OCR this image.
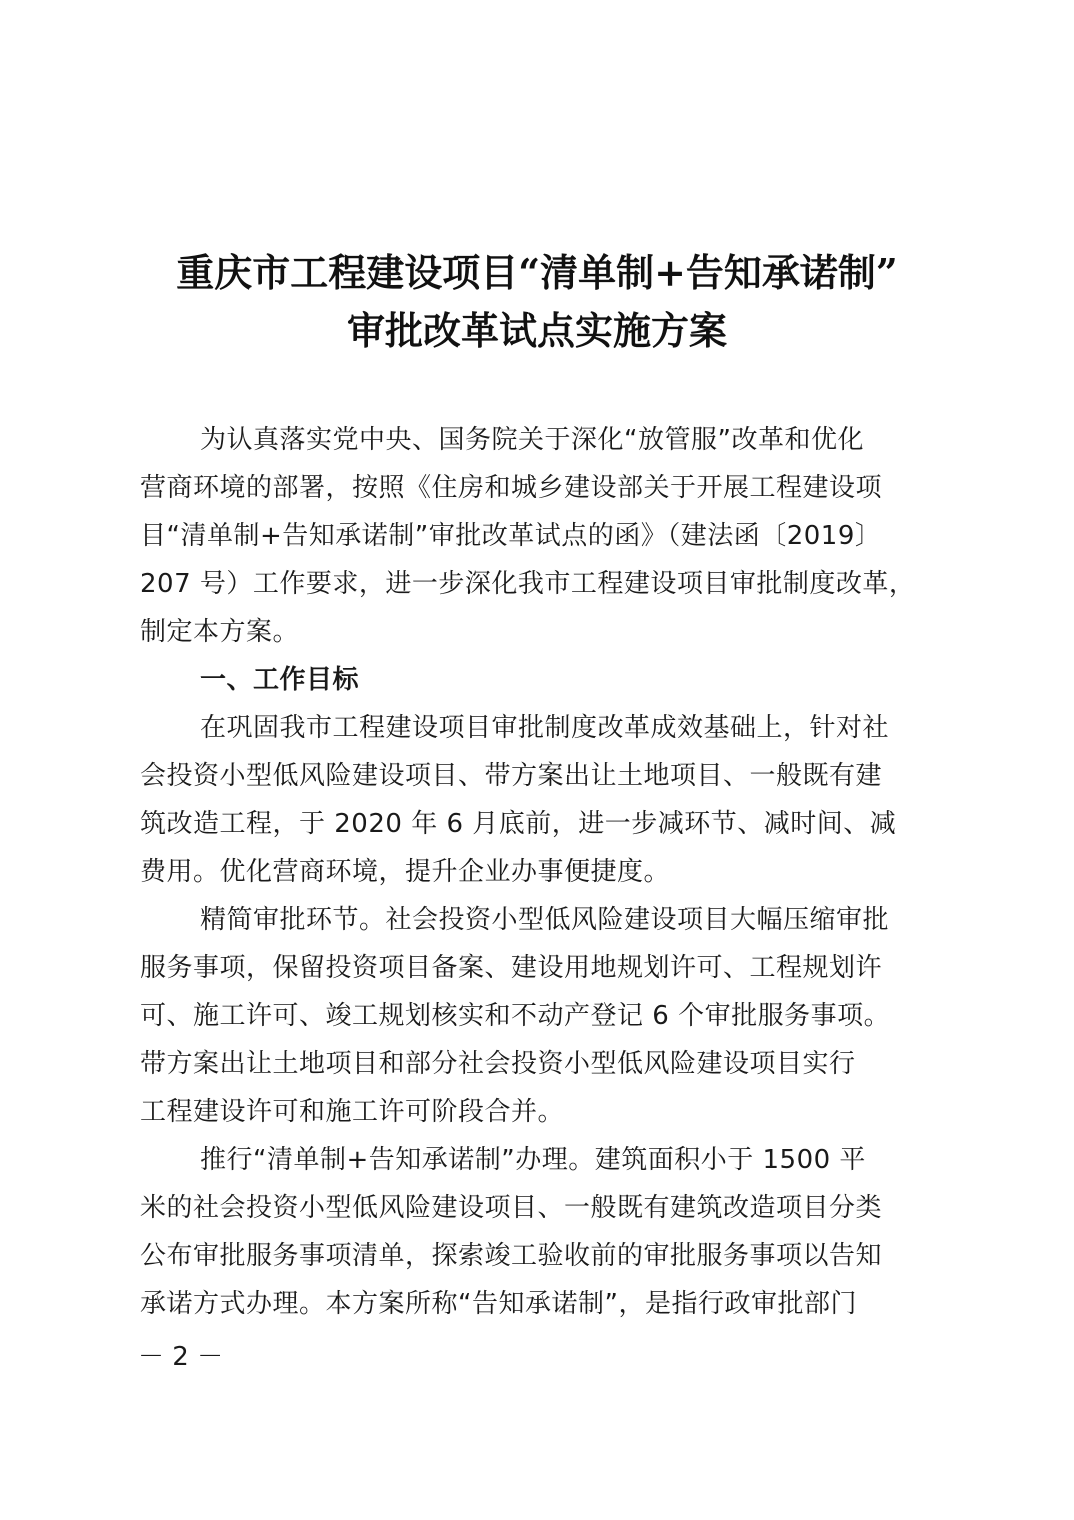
重庆市工程建设项目“清单制+告知承诺制”
审批改革试点实施方案

为认真落实党中央、国务院关于深化“放管服”改革和优化
营商环境的部署，按照《住房和城乡建设部关于开展工程建设项
目“清单制+告知承诺制”审批改革试点的函》（建法函〔2019〕
207 号）工作要求，进一步深化我市工程建设项目审批制度改革，
制定本方案。

一、工作目标

在巩固我市工程建设项目审批制度改革成效基础上，针对社
会投资小型低风险建设项目、带方案出让土地项目、一般既有建
筑改造工程，于 2020 年 6 月底前，进一步减环节、减时间、减
费用。优化营商环境，提升企业办事便捷度。

精简审批环节。社会投资小型低风险建设项目大幅压缩审批
服务事项，保留投资项目备案、建设用地规划许可、工程规划许
可、施工许可、竣工规划核实和不动产登记 6 个审批服务事项。
带方案出让土地项目和部分社会投资小型低风险建设项目实行
工程建设许可和施工许可阶段合并。

推行“清单制+告知承诺制”办理。建筑面积小于 1500 平
米的社会投资小型低风险建设项目、一般既有建筑改造项目分类
公布审批服务事项清单，探索竣工验收前的审批服务事项以告知
承诺方式办理。本方案所称“告知承诺制”，是指行政审批部门

－ 2 －
